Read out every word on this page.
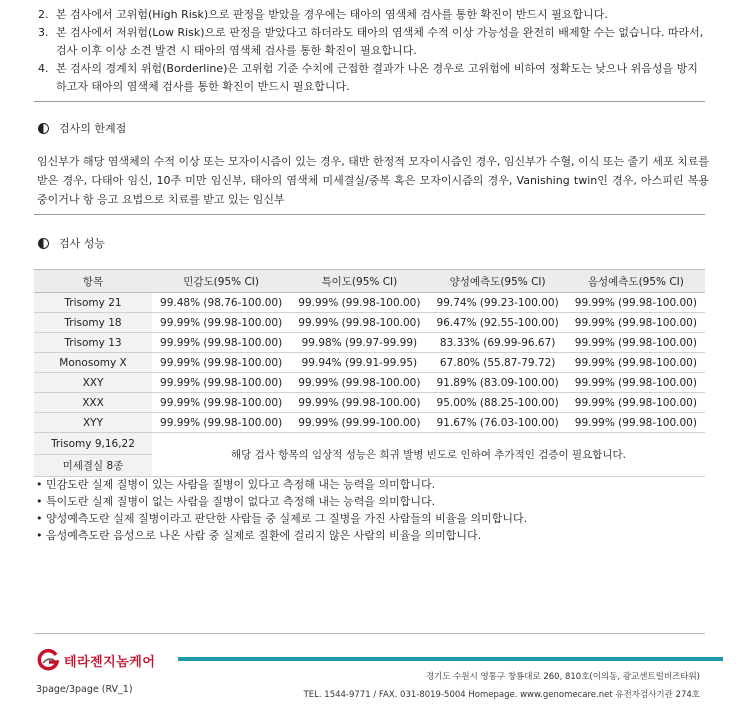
2. 본 검사에서 고위험(High Risk)으로 판정을 받았을 경우에는 태아의 염색체 검사를 통한 확진이 반드시 필요합니다.
3. 본 검사에서 저위험(Low Risk)으로 판정을 받았다고 하더라도 태아의 염색체 수적 이상 가능성을 완전히 배제할 수는 없습니다. 따라서, 검사 이후 이상 소견 발견 시 태아의 염색체 검사를 통한 확진이 필요합니다.
4. 본 검사의 경계치 위험(Borderline)은 고위험 기준 수치에 근접한 결과가 나온 경우로 고위험에 비하여 정확도는 낮으나 위음성을 방지하고자 태아의 염색체 검사를 통한 확진이 반드시 필요합니다.
검사의 한계점
임신부가 해당 염색체의 수적 이상 또는 모자이시즘이 있는 경우, 태반 한정적 모자이시즘인 경우, 임신부가 수혈, 이식 또는 줄기 세포 치료를 받은 경우, 다태아 임신, 10주 미만 임신부, 태아의 염색체 미세결실/중복 혹은 모자이시즘의 경우, Vanishing twin인 경우, 아스피린 복용 중이거나 항 응고 요법으로 치료를 받고 있는 임신부
검사 성능
항목	민감도(95% CI)	특이도(95% CI)	양성예측도(95% CI)	음성예측도(95% CI)
Trisomy 21	99.48% (98.76-100.00)	99.99% (99.98-100.00)	99.74% (99.23-100.00)	99.99% (99.98-100.00)
Trisomy 18	99.99% (99.98-100.00)	99.99% (99.98-100.00)	96.47% (92.55-100.00)	99.99% (99.98-100.00)
Trisomy 13	99.99% (99.98-100.00)	99.98% (99.97-99.99)	83.33% (69.99-96.67)	99.99% (99.98-100.00)
Monosomy X	99.99% (99.98-100.00)	99.94% (99.91-99.95)	67.80% (55.87-79.72)	99.99% (99.98-100.00)
XXY	99.99% (99.98-100.00)	99.99% (99.98-100.00)	91.89% (83.09-100.00)	99.99% (99.98-100.00)
XXX	99.99% (99.98-100.00)	99.99% (99.98-100.00)	95.00% (88.25-100.00)	99.99% (99.98-100.00)
XYY	99.99% (99.98-100.00)	99.99% (99.99-100.00)	91.67% (76.03-100.00)	99.99% (99.98-100.00)
Trisomy 9,16,22	해당 검사 항목의 임상적 성능은 희귀 발병 빈도로 인하여 추가적인 검증이 필요합니다.			
미세결실 8종				
• 민감도란 실제 질병이 있는 사람을 질병이 있다고 측정해 내는 능력을 의미합니다.
• 특이도란 실제 질병이 없는 사람을 질병이 없다고 측정해 내는 능력을 의미합니다.
• 양성예측도란 실제 질병이라고 판단한 사람들 중 실제로 그 질병을 가진 사람들의 비율을 의미합니다.
• 음성예측도란 음성으로 나온 사람 중 실제로 질환에 걸리지 않은 사람의 비율을 의미합니다.
테라젠지놈케어
경기도 수원시 영통구 창룡대로 260, 810호(이의동, 광교센트럴비즈타워)
TEL. 1544-9771 / FAX. 031-8019-5004 Homepage. www.genomecare.net 유전자검사기관 274호
3page/3page (RV_1)
